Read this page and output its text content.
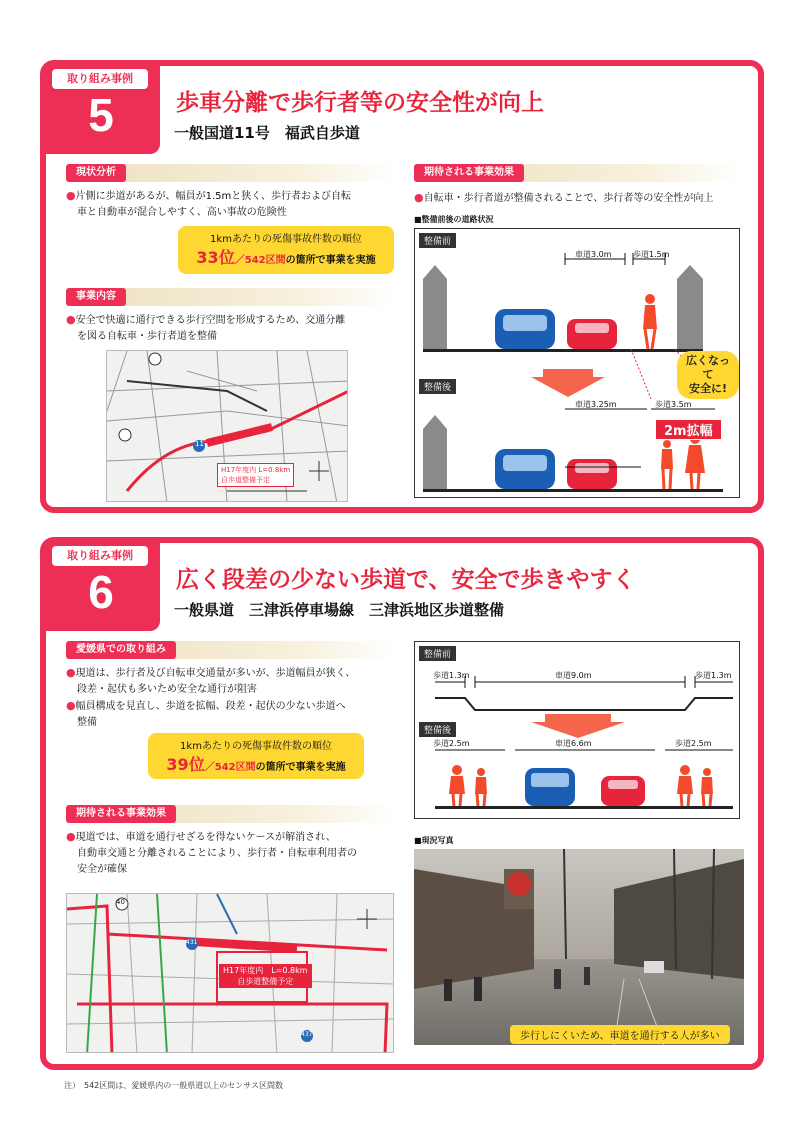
取り組み事例
5	歩車分離で歩行者等の安全性が向上
一般国道11号　福武自歩道
現状分析
●片側に歩道があるが、幅員が1.5mと狭く、歩行者および自転
車と自動車が混合しやすく、高い事故の危険性
1kmあたりの死傷事故件数の順位
33位／542区間の箇所で事業を実施
事業内容
●安全で快適に通行できる歩行空間を形成するため、交通分離
を図る自転車・歩行者道を整備
11
H17年度内 L=0.8km
自歩道整備予定
期待される事業効果
●自転車・歩行者道が整備されることで、歩行者等の安全性が向上
■整備前後の道路状況
整備前
整備後
車道3.0m	歩道1.5m
車道3.25m	歩道3.5m
2m拡幅
広くなって
安全に!
取り組み事例
6	広く段差の少ない歩道で、安全で歩きやすく
一般県道　三津浜停車場線　三津浜地区歩道整備
愛媛県での取り組み
●現道は、歩行者及び自転車交通量が多いが、歩道幅員が狭く、
段差・起伏も多いため安全な通行が阻害
●幅員構成を見直し、歩道を拡幅、段差・起伏の少ない歩道へ
整備
1kmあたりの死傷事故件数の順位
39位／542区間の箇所で事業を実施
期待される事業効果
●現道では、車道を通行せざるを得ないケースが解消され、
自動車交通と分離されることにより、歩行者・自転車利用者の
安全が確保
40
431
437
H17年度内　L=0.8km
自歩道整備予定
整備前
整備後
歩道1.3m	車道9.0m	歩道1.3m
歩道2.5m	車道6.6m	歩道2.5m
■現況写真
歩行しにくいため、車道を通行する人が多い
注）　542区間は、愛媛県内の一般県道以上のセンサス区間数
